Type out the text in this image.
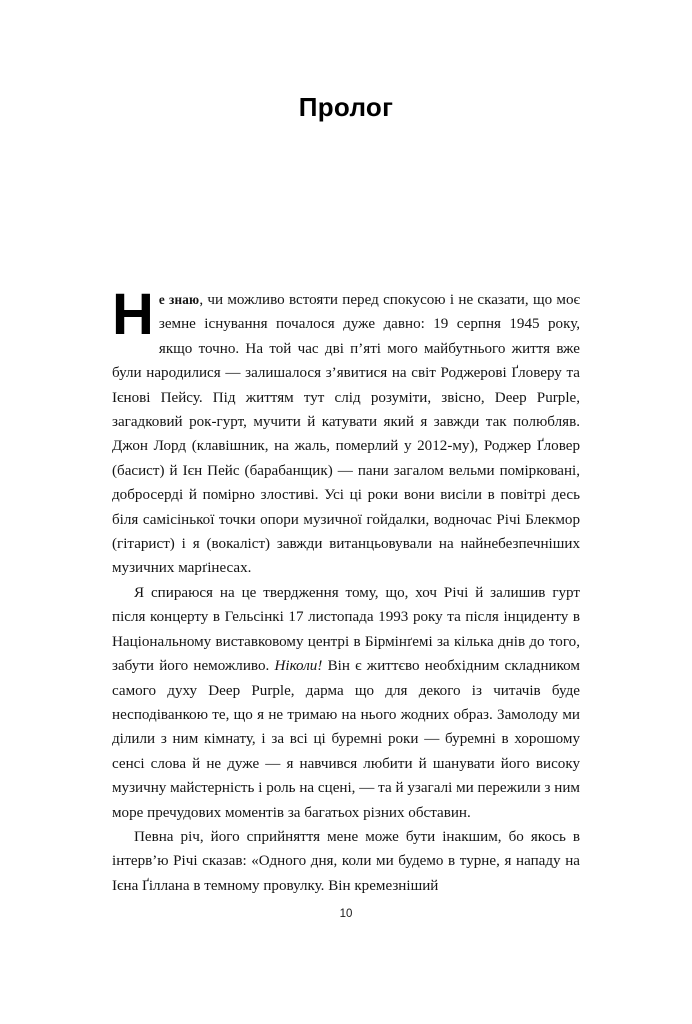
Пролог

Не знаю, чи можливо встояти перед спокусою і не сказати, що моє земне існування почалося дуже давно: 19 серпня 1945 року, якщо точно. На той час дві п’яті мого майбутнього життя вже були народилися — залишалося з’явитися на світ Роджерові Ґловеру та Ієнові Пейсу. Під життям тут слід розуміти, звісно, Deep Purple, загадковий рок-гурт, мучити й катувати який я завжди так полюбляв. Джон Лорд (клавішник, на жаль, померлий у 2012-му), Роджер Ґловер (басист) й Ієн Пейс (барабанщик) — пани загалом вельми помірковані, добросерді й помірно злостиві. Усі ці роки вони висіли в повітрі десь біля самісінької точки опори музичної гойдалки, водночас Річі Блекмор (гітарист) і я (вокаліст) завжди витанцьовували на найнебезпечніших музичних марґінесах.

Я спираюся на це твердження тому, що, хоч Річі й залишив гурт після концерту в Гельсінкі 17 листопада 1993 року та після інциденту в Національному виставковому центрі в Бірмінґемі за кілька днів до того, забути його неможливо. Ніколи! Він є життєво необхідним складником самого духу Deep Purple, дарма що для декого із читачів буде несподіванкою те, що я не тримаю на нього жодних образ. Замолоду ми ділили з ним кімнату, і за всі ці буремні роки — буремні в хорошому сенсі слова й не дуже — я навчився любити й шанувати його високу музичну майстерність і роль на сцені, — та й узагалі ми пережили з ним море пречудових моментів за багатьох різних обставин.

Певна річ, його сприйняття мене може бути інакшим, бо якось в інтерв’ю Річі сказав: «Одного дня, коли ми будемо в турне, я нападу на Ієна Ґіллана в темному провулку. Він кремезніший

10
